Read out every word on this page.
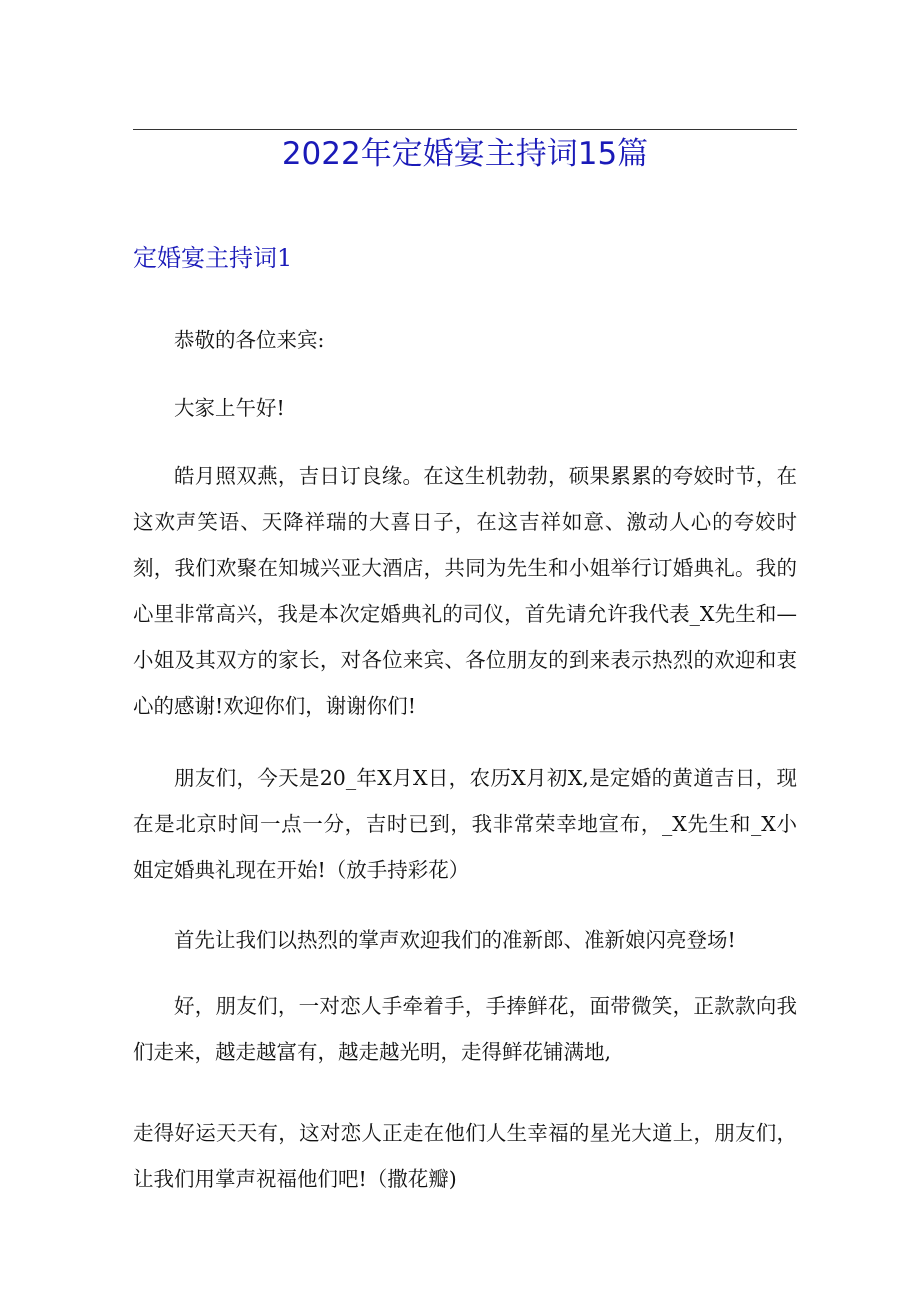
2022年定婚宴主持词15篇
定婚宴主持词1

恭敬的各位来宾:

大家上午好!

皓月照双燕，吉日订良缘。在这生机勃勃，硕果累累的夸姣时节，在这欢声笑语、天降祥瑞的大喜日子，在这吉祥如意、激动人心的夸姣时刻，我们欢聚在知城兴亚大酒店，共同为先生和小姐举行订婚典礼。我的心里非常高兴，我是本次定婚典礼的司仪，首先请允许我代表_X先生和—小姐及其双方的家长，对各位来宾、各位朋友的到来表示热烈的欢迎和衷心的感谢!欢迎你们，谢谢你们!

朋友们，今天是20_年X月X日，农历X月初X,是定婚的黄道吉日，现在是北京时间一点一分，吉时已到，我非常荣幸地宣布，_X先生和_X小姐定婚典礼现在开始!（放手持彩花）

首先让我们以热烈的掌声欢迎我们的准新郎、准新娘闪亮登场!

好，朋友们，一对恋人手牵着手，手捧鲜花，面带微笑，正款款向我们走来，越走越富有，越走越光明，走得鲜花铺满地,

走得好运天天有，这对恋人正走在他们人生幸福的星光大道上，朋友们，让我们用掌声祝福他们吧!（撒花瓣)
